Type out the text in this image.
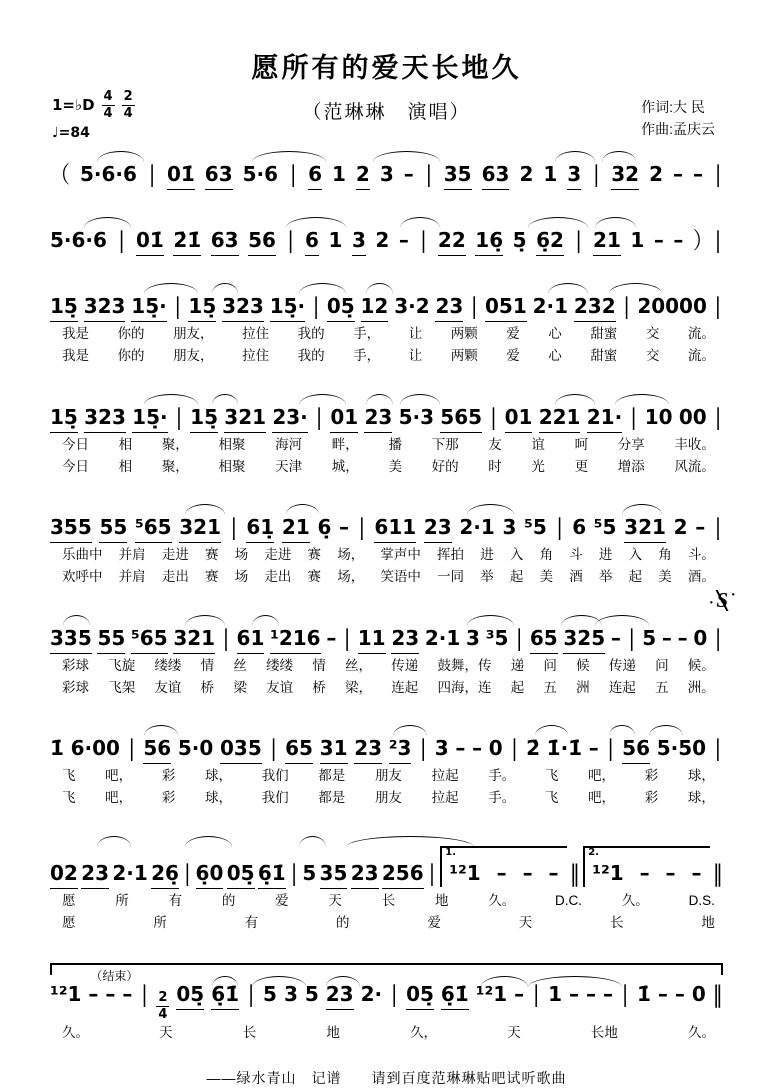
愿所有的爱天长地久
（范琳琳　演唱）	作词:大 民
作曲:孟庆云
1=♭D $\frac{4}{4} \frac{2}{4}$
♩=84
（ 5·6·6 ∣ 01̇ 63 5·6 ∣ 6 1 2 3 – ∣ 35 63 2 1 3 ∣ 32 2 – – ∣
5·6·6 ∣ 01̇ 2̇1̇ 63 56 ∣ 6 1 3 2 – ∣ 22 16̣ 5̣ 6̣2 ∣ 21 1 – – ）∣
15̣ 323 15̣· ∣ 15̣ 323 15̣· ∣ 05̣ 12 3·2 23 ∣ 051 2·1 232 ∣ 20000 ∣
我是 你的 朋友， 拉住 我的 手， 让 两颗 爱 心 甜蜜 交 流。
我是 你的 朋友， 拉住 我的 手， 让 两颗 爱 心 甜蜜 交 流。
15̣ 323 15̣· ∣ 15̣ 321 23· ∣ 01 23 5·3 565 ∣ 01 221 21· ∣ 10 00 ∣
今日 相 聚， 相聚 海河 畔， 播 下那 友 谊 呵 分享 丰收。
今日 相 聚， 相聚 天津 城， 美 好的 时 光 更 增添 风流。
355 55 ⁵65 321 ∣ 61̣ 21 6̣ – ∣ 611 23 2·1 3 ⁵5 ∣ 6 ⁵5 321 2 – ∣
乐曲中 并肩 走进 赛 场 走进 赛 场， 掌声中 挥拍 进 入 角 斗 进 入 角 斗。
欢呼中 并肩 走出 赛 场 走出 赛 场， 笑语中 一同 举 起 美 酒 举 起 美 酒。
· S ·
335 55 ⁵65 321 ∣ 61 ¹216 – ∣ 11 23 2·1 3 ³5 ∣ 65 325 – ∣ 5 – – 0 ∣
彩球 飞旋 缕缕 情 丝 缕缕 情 丝， 传递 鼓舞，传 递 问 候 传递 问 候。
彩球 飞架 友谊 桥 梁 友谊 桥 梁， 连起 四海，连 起 五 洲 连起 五 洲。
1̇ 6·00 ∣ 56 5·0 035 ∣ 65 31 23 ²3 ∣ 3 – – 0 ∣ 2̇ 1̇·1̇ – ∣ 56 5·50 ∣
飞 吧， 彩 球， 我们 都是 朋友 拉起 手。 飞 吧， 彩 球，
飞 吧， 彩 球， 我们 都是 朋友 拉起 手。 飞 吧， 彩 球，
02 23 2·1 26̣ ∣ 6̣0 05̣ 6̣1̇ ∣ 5 35 23 256 ∣ ¹²1 – – –
1.
‖ ¹²1 – – –
2.
‖
愿	所	有	的	爱	天	长	地	久。	D.C.	久。	D.S.
愿	所	有	的	爱	天	长	地
（结束）
¹²1 – – – ∣ $\frac{2}{4}$ 05̣ 6̣1̇ ∣ 5 3 5 23 2· ∣ 05̣ 6̣1̇ ¹²1 – ∣ 1 – – – ∣ 1̇ – – 0 ‖
久。	天	长	地	久，	天	长地	久。
——绿水青山　记谱　　请到百度范琳琳贴吧试听歌曲
